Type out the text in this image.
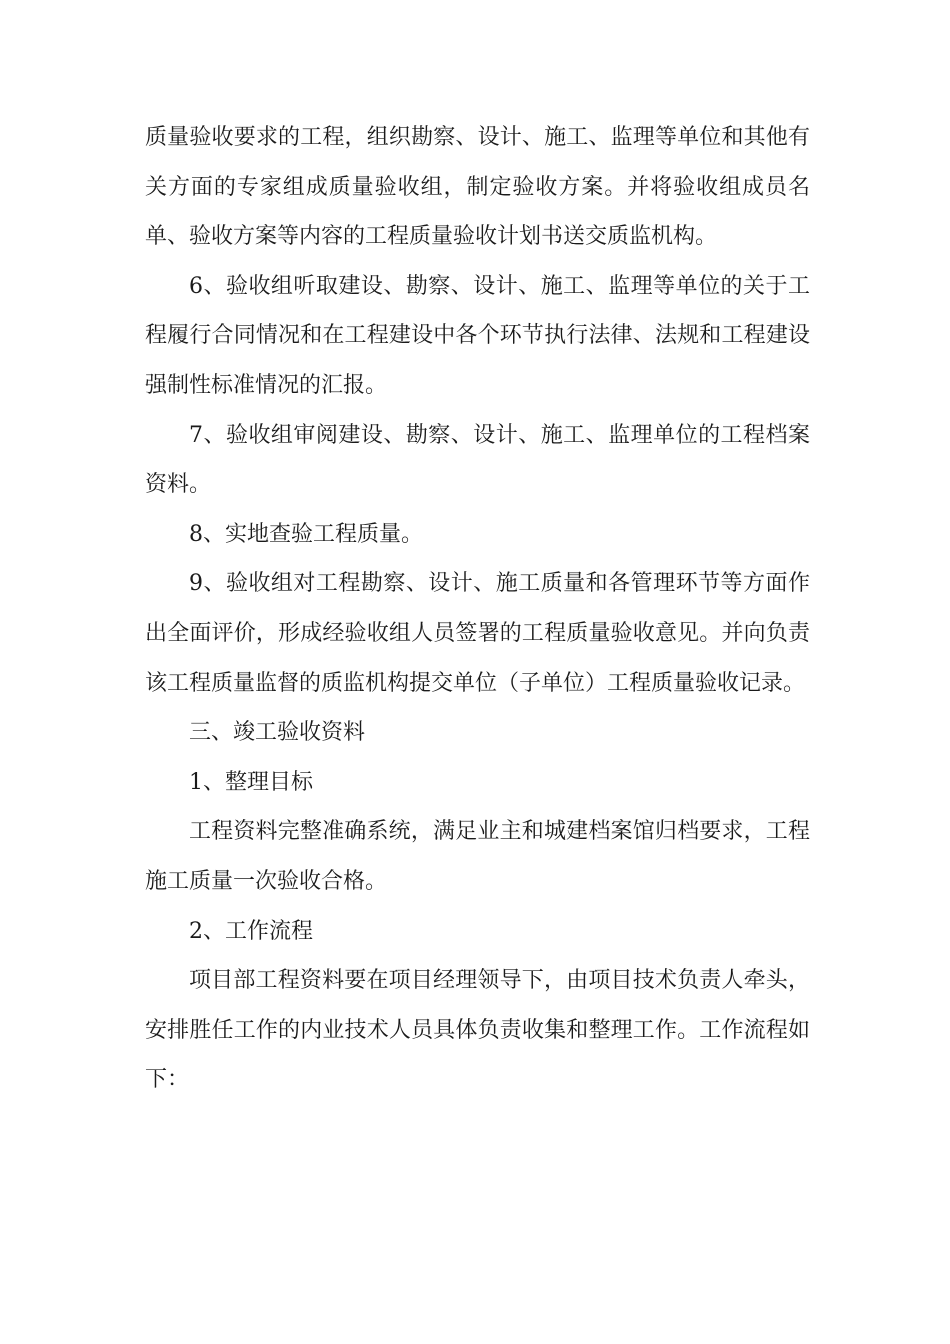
质量验收要求的工程，组织勘察、设计、施工、监理等单位和其他有关方面的专家组成质量验收组，制定验收方案。并将验收组成员名单、验收方案等内容的工程质量验收计划书送交质监机构。

6、验收组听取建设、勘察、设计、施工、监理等单位的关于工程履行合同情况和在工程建设中各个环节执行法律、法规和工程建设强制性标准情况的汇报。

7、验收组审阅建设、勘察、设计、施工、监理单位的工程档案资料。

8、实地查验工程质量。

9、验收组对工程勘察、设计、施工质量和各管理环节等方面作出全面评价，形成经验收组人员签署的工程质量验收意见。并向负责该工程质量监督的质监机构提交单位（子单位）工程质量验收记录。

三、竣工验收资料

1、整理目标

工程资料完整准确系统，满足业主和城建档案馆归档要求，工程施工质量一次验收合格。

2、工作流程

项目部工程资料要在项目经理领导下，由项目技术负责人牵头，安排胜任工作的内业技术人员具体负责收集和整理工作。工作流程如下：
